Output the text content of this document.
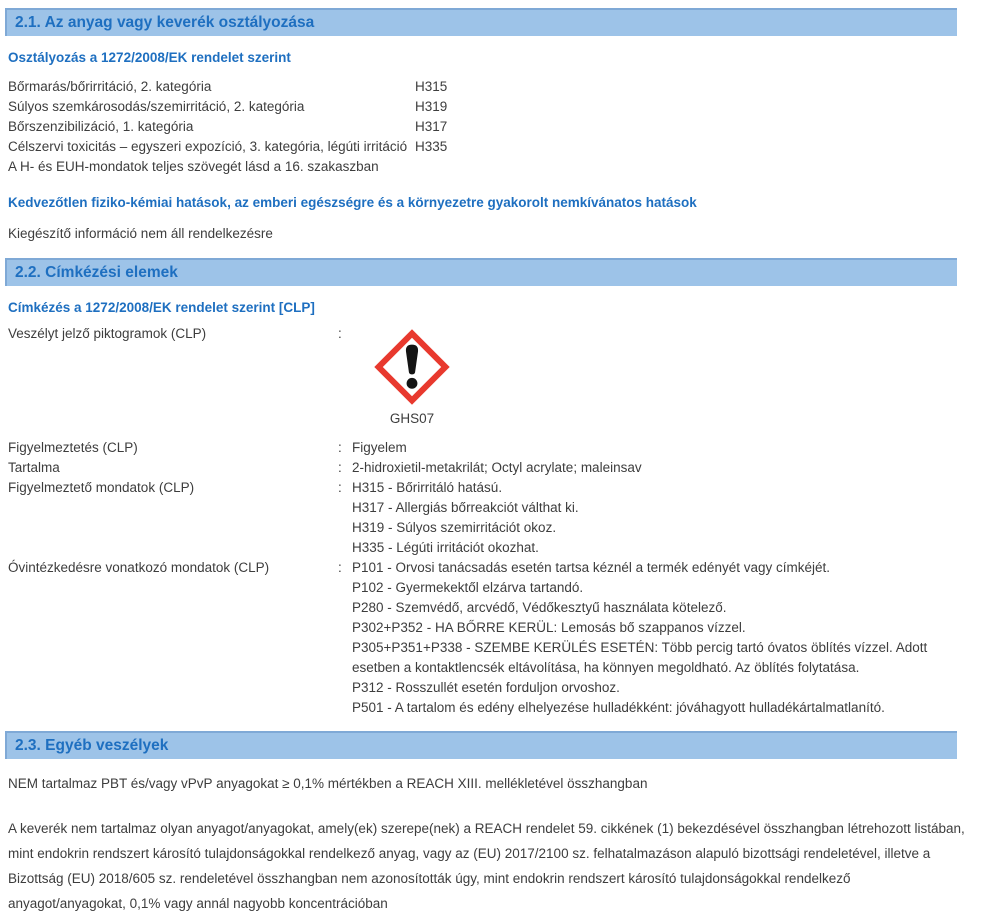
2.1. Az anyag vagy keverék osztályozása
Osztályozás a 1272/2008/EK rendelet szerint
Bőrmarás/bőrirritáció, 2. kategória	H315
Súlyos szemkárosodás/szemirritáció, 2. kategória	H319
Bőrszenzibilizáció, 1. kategória	H317
Célszervi toxicitás – egyszeri expozíció, 3. kategória, légúti irritáció H335
A H- és EUH-mondatok teljes szövegét lásd a 16. szakaszban
Kedvezőtlen fiziko-kémiai hatások, az emberi egészségre és a környezetre gyakorolt nemkívánatos hatások
Kiegészítő információ nem áll rendelkezésre
2.2. Címkézési elemek
Címkézés a 1272/2008/EK rendelet szerint [CLP]
Veszélyt jelző piktogramok (CLP)	:
GHS07
Figyelmeztetés (CLP)	: Figyelem
Tartalma	: 2-hidroxietil-metakrilát; Octyl acrylate; maleinsav
Figyelmeztető mondatok (CLP)	: H315 - Bőrirritáló hatású.
H317 - Allergiás bőrreakciót válthat ki.
H319 - Súlyos szemirritációt okoz.
H335 - Légúti irritációt okozhat.
Óvintézkedésre vonatkozó mondatok (CLP)	: P101 - Orvosi tanácsadás esetén tartsa kéznél a termék edényét vagy címkéjét.
P102 - Gyermekektől elzárva tartandó.
P280 - Szemvédő, arcvédő, Védőkesztyű használata kötelező.
P302+P352 - HA BŐRRE KERÜL: Lemosás bő szappanos vízzel.
P305+P351+P338 - SZEMBE KERÜLÉS ESETÉN: Több percig tartó óvatos öblítés vízzel. Adott esetben a kontaktlencsék eltávolítása, ha könnyen megoldható. Az öblítés folytatása.
P312 - Rosszullét esetén forduljon orvoshoz.
P501 - A tartalom és edény elhelyezése hulladékként: jóváhagyott hulladékártalmatlanító.
2.3. Egyéb veszélyek
NEM tartalmaz PBT és/vagy vPvP anyagokat ≥ 0,1% mértékben a REACH XIII. mellékletével összhangban
A keverék nem tartalmaz olyan anyagot/anyagokat, amely(ek) szerepe(nek) a REACH rendelet 59. cikkének (1) bekezdésével összhangban létrehozott listában, mint endokrin rendszert károsító tulajdonságokkal rendelkező anyag, vagy az (EU) 2017/2100 sz. felhatalmazáson alapuló bizottsági rendeletével, illetve a Bizottság (EU) 2018/605 sz. rendeletével összhangban nem azonosították úgy, mint endokrin rendszert károsító tulajdonságokkal rendelkező anyagot/anyagokat, 0,1% vagy annál nagyobb koncentrációban
